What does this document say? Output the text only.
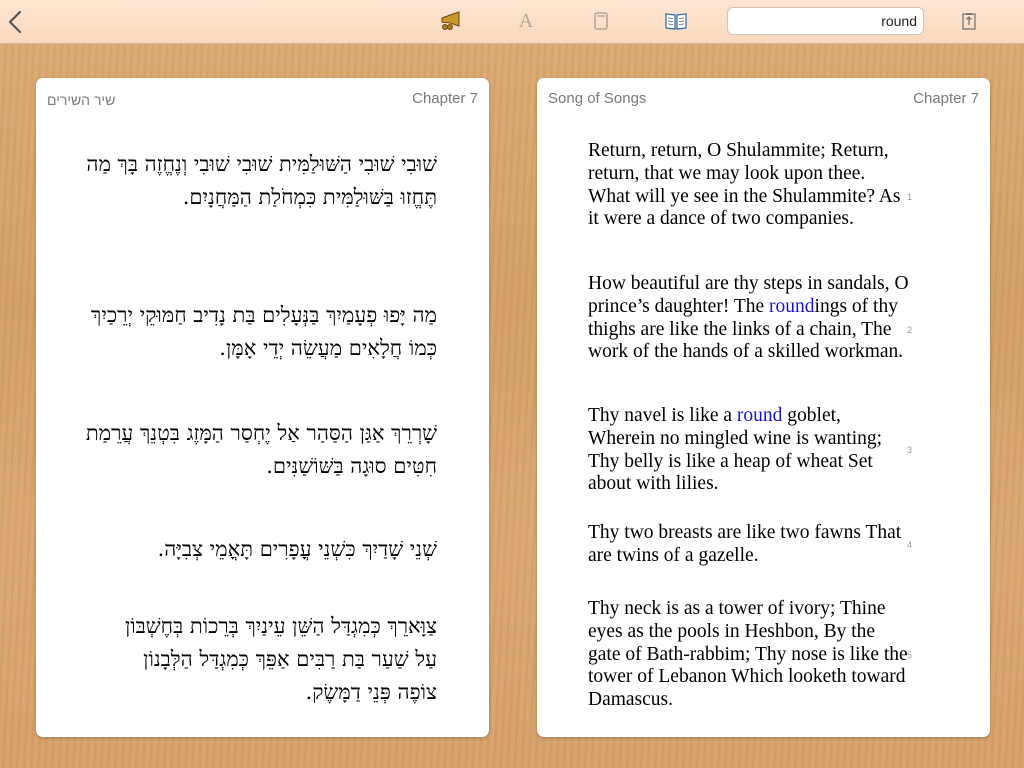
A
round
שיר השירים	Chapter 7
שׁוּבִי שׁוּבִי הַשּׁוּלַמִּית שׁוּבִי שׁוּבִי וְנֶחֱזֶה בָּךְ מַה תֶּחֱזוּ בַּשּׁוּלַמִּית כִּמְחֹלַת הַמַּחֲנָיִם.
מַה יָּפוּ פְעָמַיִךְ בַּנְּעָלִים בַּת נָדִיב חַמּוּקֵי יְרֵכַיִךְ כְּמוֹ חֲלָאִים מַעֲשֵׂה יְדֵי אָמָּן.
שָׁרְרֵךְ אַגַּן הַסַּהַר אַל יֶחְסַר הַמָּזֶג בִּטְנֵךְ עֲרֵמַת חִטִּים סוּגָה בַּשּׁוֹשַׁנִּים.
שְׁנֵי שָׁדַיִךְ כִּשְׁנֵי עֳפָרִים תָּאֳמֵי צְבִיָּה.
צַוָּארֵךְ כְּמִגְדַּל הַשֵּׁן עֵינַיִךְ בְּרֵכוֹת בְּחֶשְׁבּוֹן עַל שַׁעַר בַּת רַבִּים אַפֵּךְ כְּמִגְדַּל הַלְּבָנוֹן צוֹפֶה פְּנֵי דַמָּשֶׂק.
Song of Songs	Chapter 7
Return, return, O Shulammite; Return, return, that we may look upon thee. What will ye see in the Shulammite? As it were a dance of two companies.
1
How beautiful are thy steps in sandals, O prince’s daughter! The roundings of thy thighs are like the links of a chain, The work of the hands of a skilled workman.
2
Thy navel is like a round goblet, Wherein no mingled wine is wanting; Thy belly is like a heap of wheat Set about with lilies.
3
Thy two breasts are like two fawns That are twins of a gazelle.	4
Thy neck is as a tower of ivory; Thine eyes as the pools in Heshbon, By the gate of Bath-rabbim; Thy nose is like the tower of Lebanon Which looketh toward Damascus.
5
